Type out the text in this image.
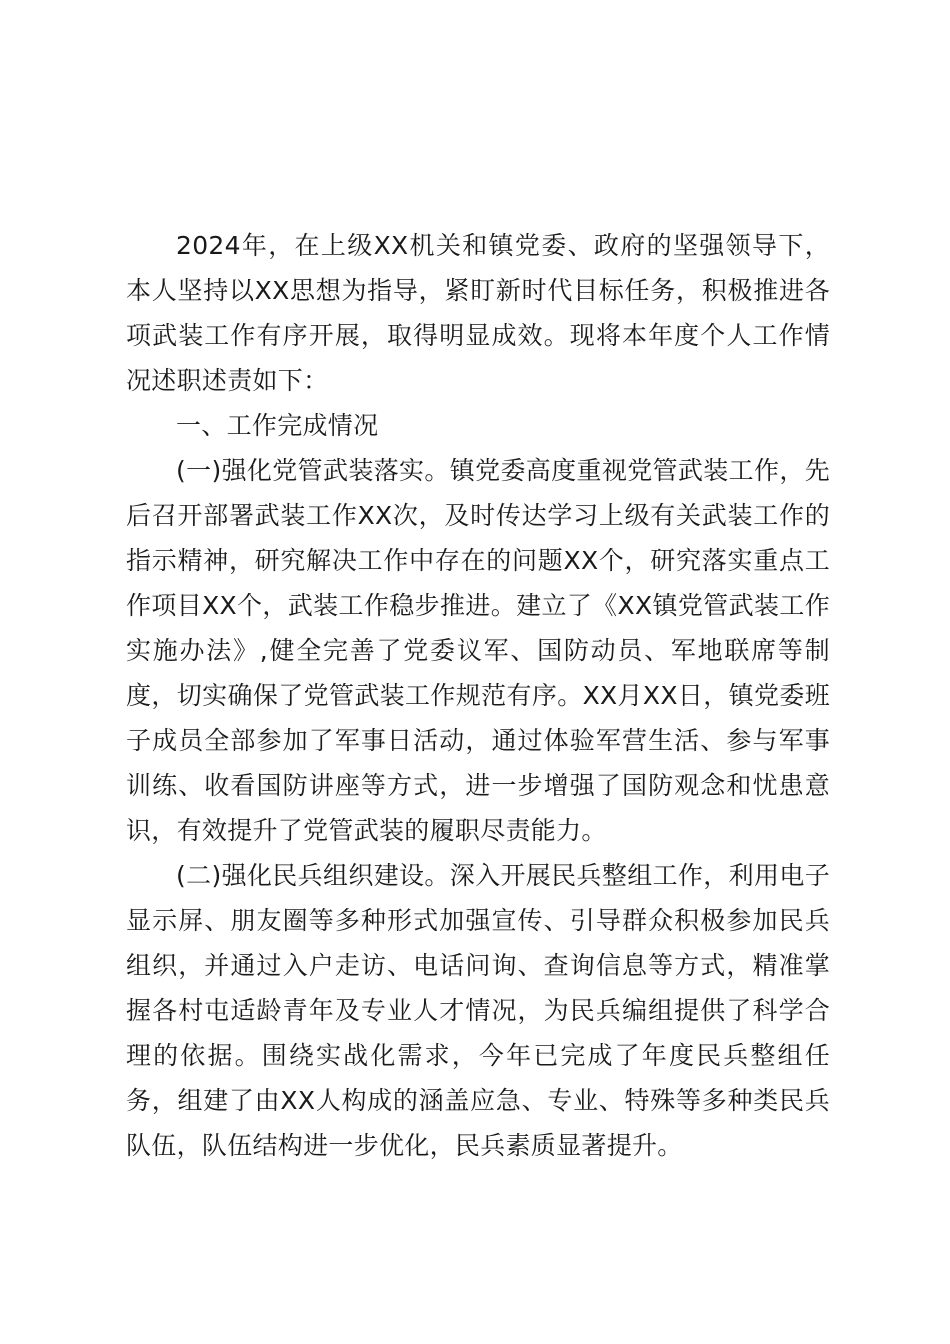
2024年，在上级XX机关和镇党委、政府的坚强领导下，本人坚持以XX思想为指导，紧盯新时代目标任务，积极推进各项武装工作有序开展，取得明显成效。现将本年度个人工作情况述职述责如下：

一、工作完成情况

(一)强化党管武装落实。镇党委高度重视党管武装工作，先后召开部署武装工作XX次，及时传达学习上级有关武装工作的指示精神，研究解决工作中存在的问题XX个，研究落实重点工作项目XX个，武装工作稳步推进。建立了《XX镇党管武装工作实施办法》,健全完善了党委议军、国防动员、军地联席等制度，切实确保了党管武装工作规范有序。XX月XX日，镇党委班子成员全部参加了军事日活动，通过体验军营生活、参与军事训练、收看国防讲座等方式，进一步增强了国防观念和忧患意识，有效提升了党管武装的履职尽责能力。

(二)强化民兵组织建设。深入开展民兵整组工作，利用电子显示屏、朋友圈等多种形式加强宣传、引导群众积极参加民兵组织，并通过入户走访、电话问询、查询信息等方式，精准掌握各村屯适龄青年及专业人才情况，为民兵编组提供了科学合理的依据。围绕实战化需求，今年已完成了年度民兵整组任务，组建了由XX人构成的涵盖应急、专业、特殊等多种类民兵队伍，队伍结构进一步优化，民兵素质显著提升。
